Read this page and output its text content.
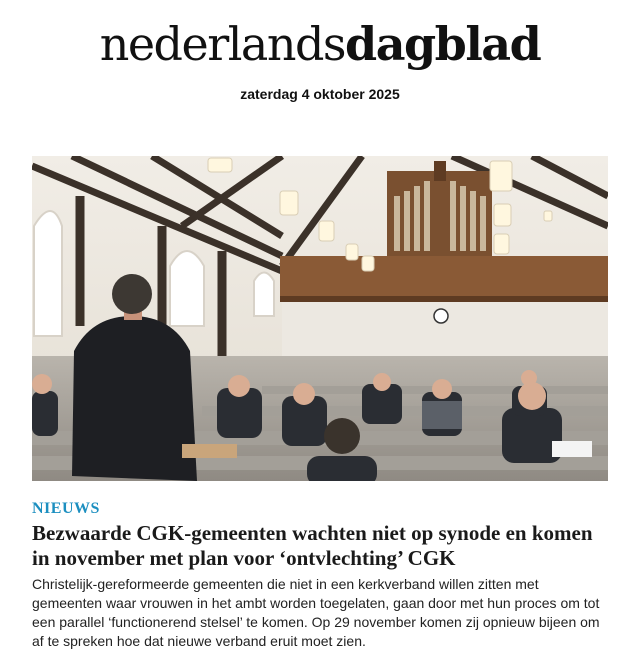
nederlandsdagblad
zaterdag 4 oktober 2025
NIEUWS
Bezwaarde CGK-gemeenten wachten niet op synode en komen in november met plan voor ‘ontvlechting’ CGK
Christelijk-gereformeerde gemeenten die niet in een kerkverband willen zitten met gemeenten waar vrouwen in het ambt worden toegelaten, gaan door met hun proces om tot een parallel ‘functionerend stelsel’ te komen. Op 29 november komen zij opnieuw bijeen om af te spreken hoe dat nieuwe verband eruit moet zien.
